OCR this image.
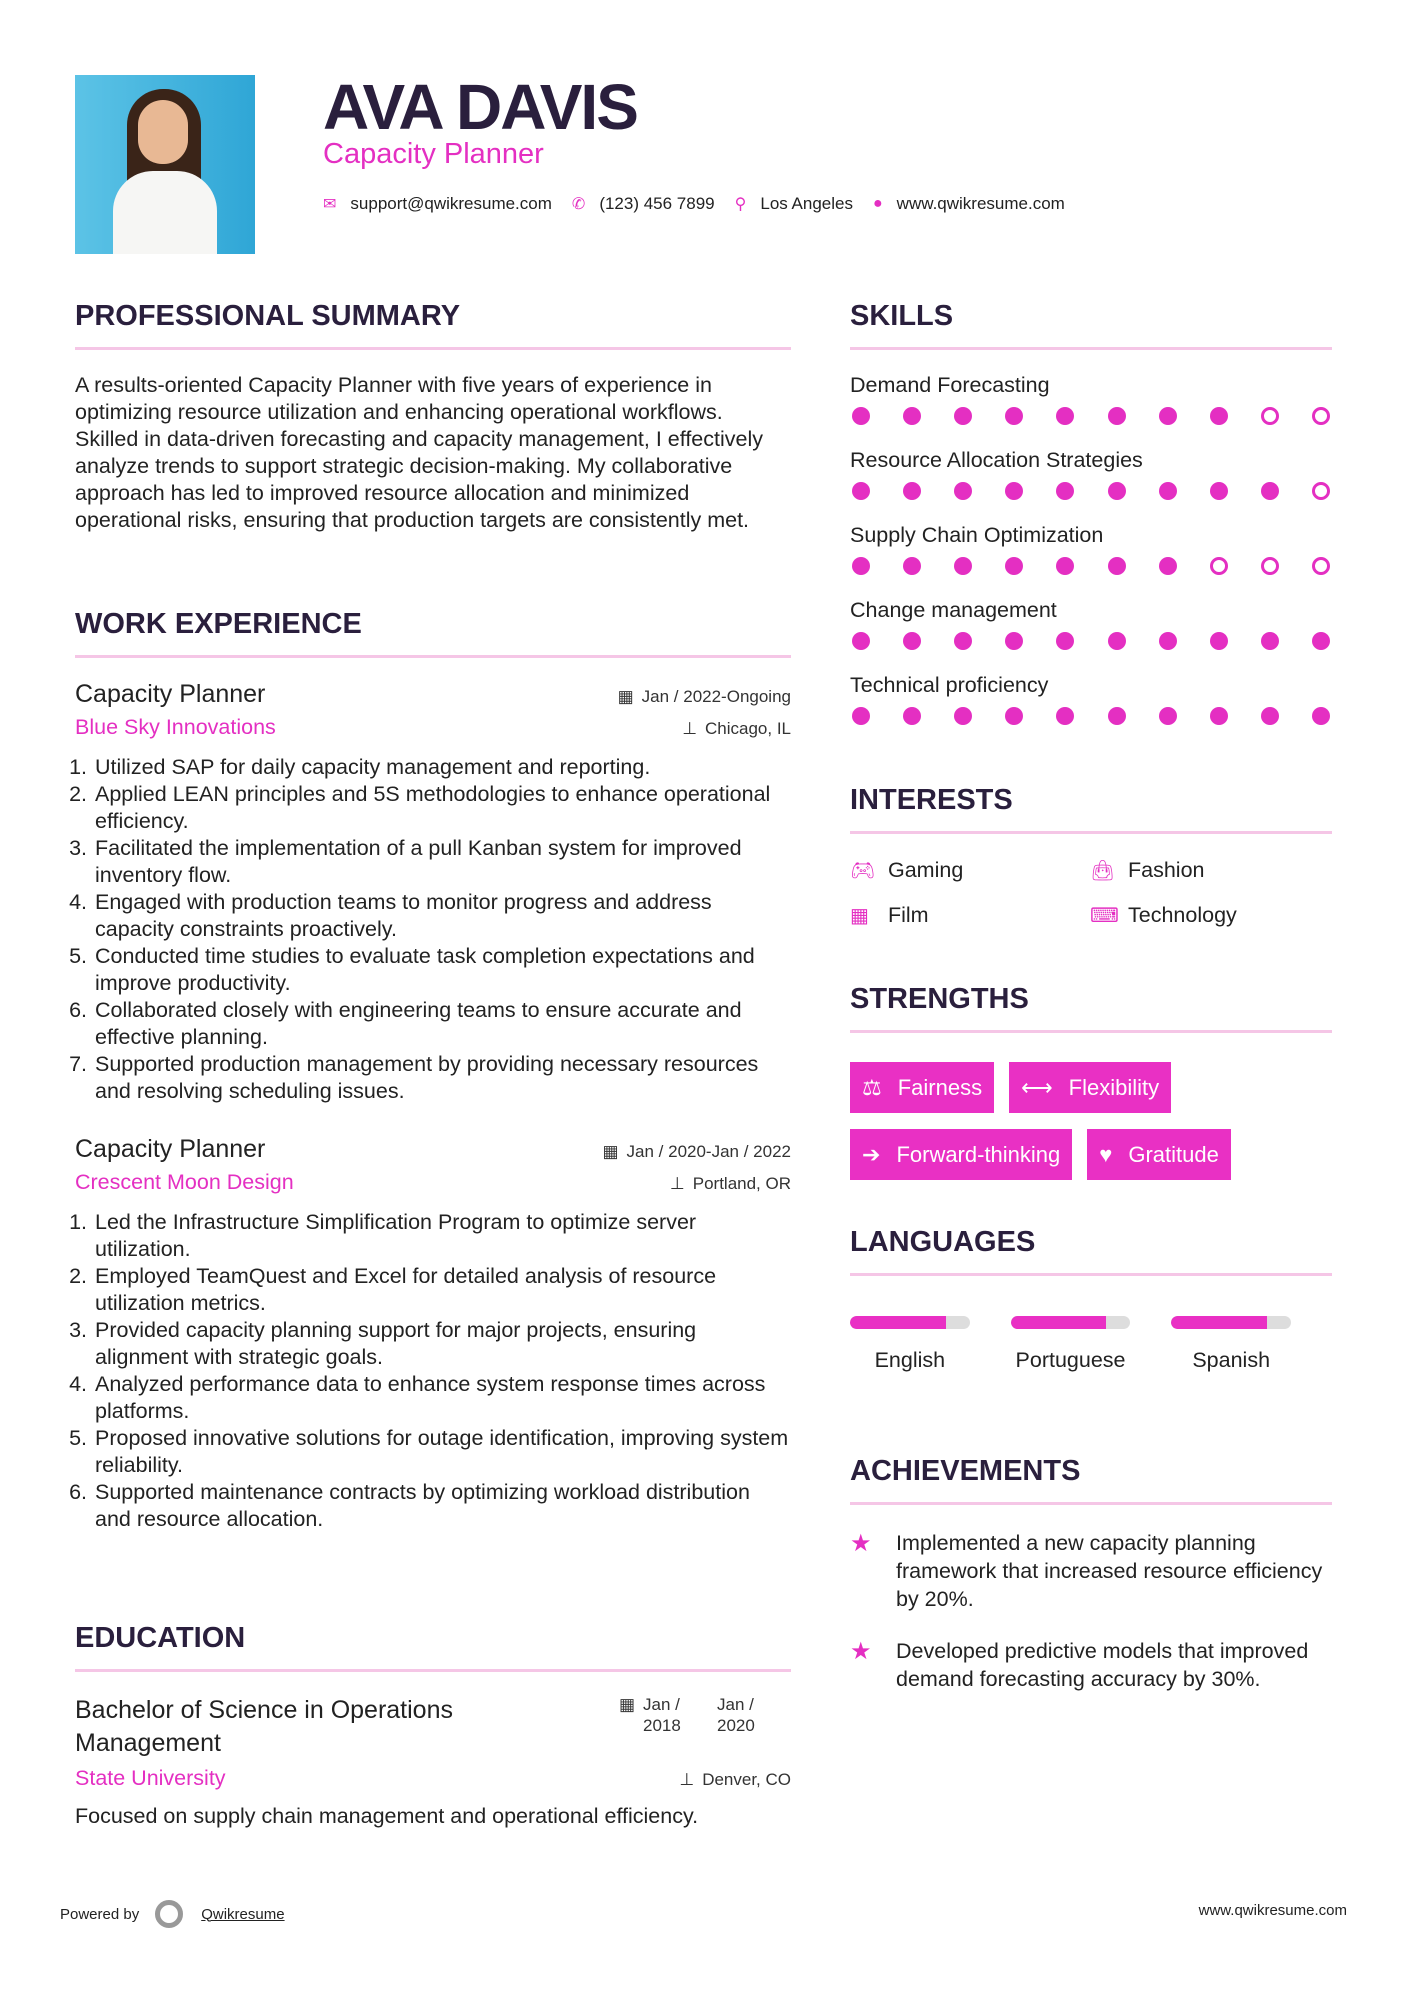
AVA DAVIS
Capacity Planner
✉ support@qwikresume.com ✆ (123) 456 7899 ⚲ Los Angeles ● www.qwikresume.com
PROFESSIONAL SUMMARY
A results-oriented Capacity Planner with five years of experience in optimizing resource utilization and enhancing operational workflows. Skilled in data-driven forecasting and capacity management, I effectively analyze trends to support strategic decision-making. My collaborative approach has led to improved resource allocation and minimized operational risks, ensuring that production targets are consistently met.
WORK EXPERIENCE
Capacity Planner	▦ Jan / 2022-Ongoing
Blue Sky Innovations	⊥ Chicago, IL
1. Utilized SAP for daily capacity management and reporting.
2. Applied LEAN principles and 5S methodologies to enhance operational efficiency.
3. Facilitated the implementation of a pull Kanban system for improved inventory flow.
4. Engaged with production teams to monitor progress and address capacity constraints proactively.
5. Conducted time studies to evaluate task completion expectations and improve productivity.
6. Collaborated closely with engineering teams to ensure accurate and effective planning.
7. Supported production management by providing necessary resources and resolving scheduling issues.
Capacity Planner	▦ Jan / 2020-Jan / 2022
Crescent Moon Design	⊥ Portland, OR
1. Led the Infrastructure Simplification Program to optimize server utilization.
2. Employed TeamQuest and Excel for detailed analysis of resource utilization metrics.
3. Provided capacity planning support for major projects, ensuring alignment with strategic goals.
4. Analyzed performance data to enhance system response times across platforms.
5. Proposed innovative solutions for outage identification, improving system reliability.
6. Supported maintenance contracts by optimizing workload distribution and resource allocation.
EDUCATION
Bachelor of Science in Operations Management
▦ Jan / 2018
Jan / 2020
State University	⊥ Denver, CO
Focused on supply chain management and operational efficiency.
SKILLS
Demand Forecasting
Resource Allocation Strategies
Supply Chain Optimization
Change management
Technical proficiency
INTERESTS
🎮︎ Gaming	👜︎ Fashion
▦ Film	⌨ Technology
STRENGTHS
⚖ Fairness ⟷ Flexibility
➔ Forward-thinking ♥ Gratitude
LANGUAGES
English	Portuguese	Spanish
ACHIEVEMENTS
★	Implemented a new capacity planning framework that increased resource efficiency by 20%.
★	Developed predictive models that improved demand forecasting accuracy by 30%.
Powered by	Qwikresume	www.qwikresume.com
